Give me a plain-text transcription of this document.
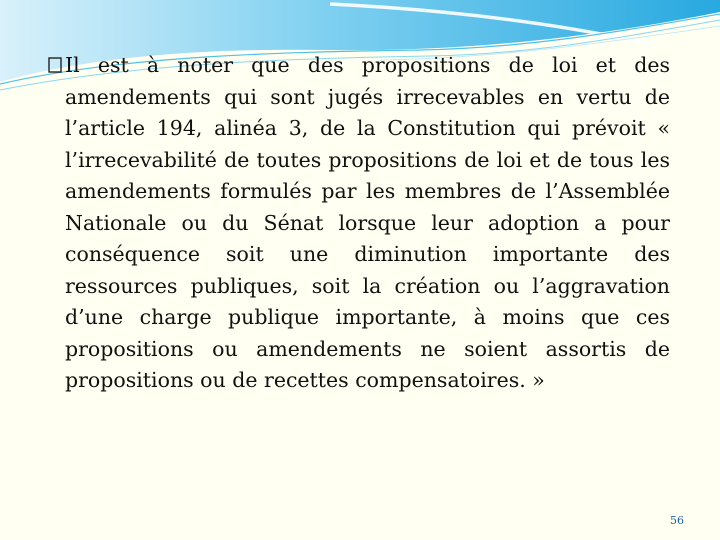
Il est à noter que des propositions de loi et des amendements qui sont jugés irrecevables en vertu de l’article 194, alinéa 3, de la Constitution qui prévoit « l’irrecevabilité de toutes propositions de loi et de tous les amendements formulés par les membres de l’Assemblée Nationale ou du Sénat lorsque leur adoption a pour conséquence soit une diminution importante des ressources publiques, soit la création ou l’aggravation d’une charge publique importante, à moins que ces propositions ou amendements ne soient assortis de propositions ou de recettes compensatoires. »

56
